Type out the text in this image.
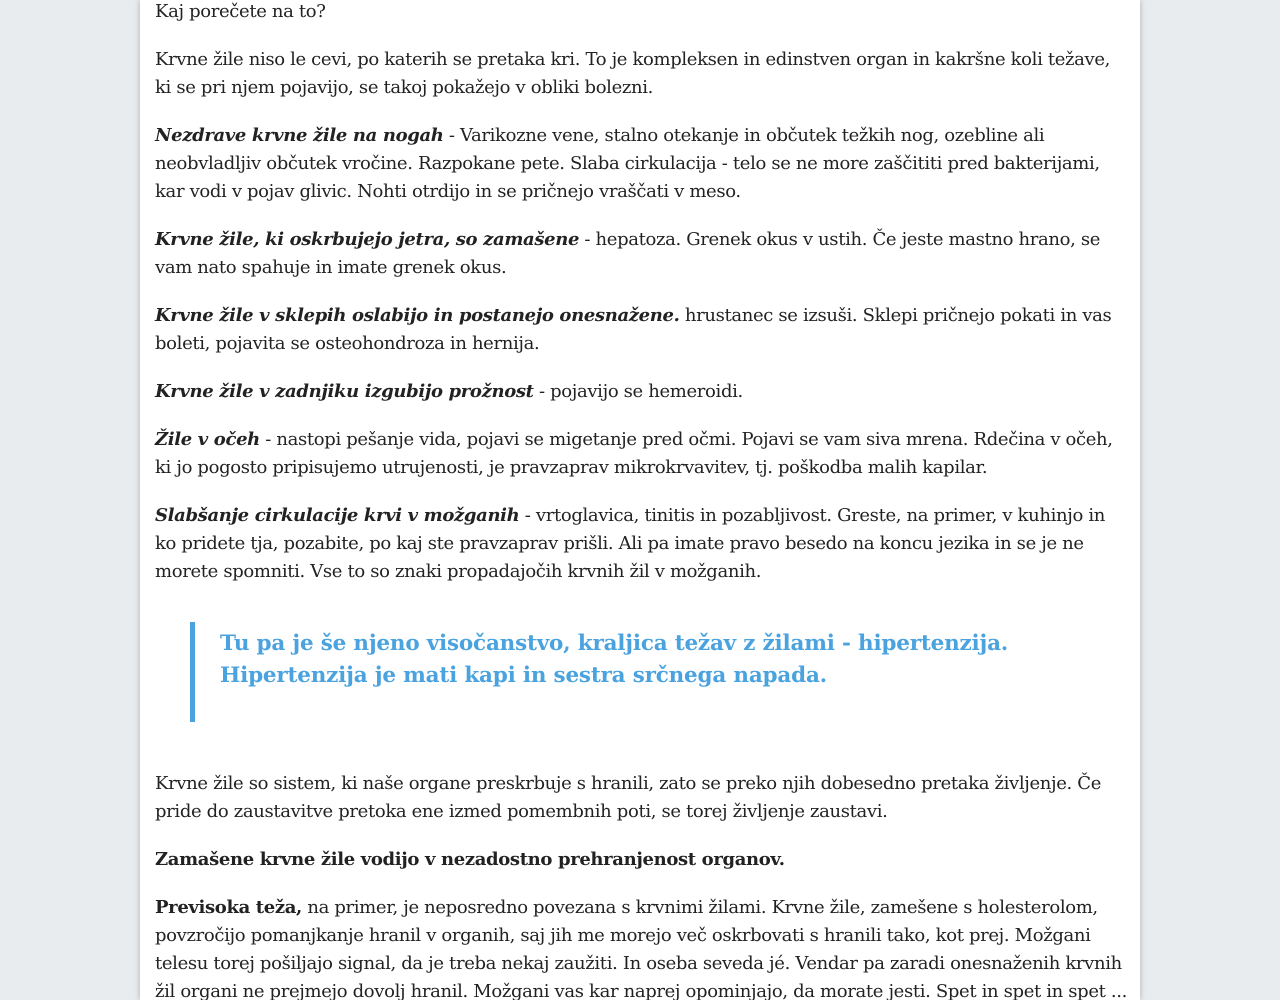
Kaj porečete na to?

Krvne žile niso le cevi, po katerih se pretaka kri. To je kompleksen in edinstven organ in kakršne koli težave, ki se pri njem pojavijo, se takoj pokažejo v obliki bolezni.

Nezdrave krvne žile na nogah - Varikozne vene, stalno otekanje in občutek težkih nog, ozebline ali neobvladljiv občutek vročine. Razpokane pete. Slaba cirkulacija - telo se ne more zaščititi pred bakterijami, kar vodi v pojav glivic. Nohti otrdijo in se pričnejo vraščati v meso.

Krvne žile, ki oskrbujejo jetra, so zamašene - hepatoza. Grenek okus v ustih. Če jeste mastno hrano, se vam nato spahuje in imate grenek okus.

Krvne žile v sklepih oslabijo in postanejo onesnažene. hrustanec se izsuši. Sklepi pričnejo pokati in vas boleti, pojavita se osteohondroza in hernija.

Krvne žile v zadnjiku izgubijo prožnost - pojavijo se hemeroidi.

Žile v očeh - nastopi pešanje vida, pojavi se migetanje pred očmi. Pojavi se vam siva mrena. Rdečina v očeh, ki jo pogosto pripisujemo utrujenosti, je pravzaprav mikrokrvavitev, tj. poškodba malih kapilar.

Slabšanje cirkulacije krvi v možganih - vrtoglavica, tinitis in pozabljivost. Greste, na primer, v kuhinjo in ko pridete tja, pozabite, po kaj ste pravzaprav prišli. Ali pa imate pravo besedo na koncu jezika in se je ne morete spomniti. Vse to so znaki propadajočih krvnih žil v možganih.

Tu pa je še njeno visočanstvo, kraljica težav z žilami - hipertenzija. Hipertenzija je mati kapi in sestra srčnega napada.

Krvne žile so sistem, ki naše organe preskrbuje s hranili, zato se preko njih dobesedno pretaka življenje. Če pride do zaustavitve pretoka ene izmed pomembnih poti, se torej življenje zaustavi.

Zamašene krvne žile vodijo v nezadostno prehranjenost organov.

Previsoka teža, na primer, je neposredno povezana s krvnimi žilami. Krvne žile, zamešene s holesterolom, povzročijo pomanjkanje hranil v organih, saj jih me morejo več oskrbovati s hranili tako, kot prej. Možgani telesu torej pošiljajo signal, da je treba nekaj zaužiti. In oseba seveda jé. Vendar pa zaradi onesnaženih krvnih žil organi ne prejmejo dovolj hranil. Možgani vas kar naprej opominjajo, da morate jesti. Spet in spet in spet ...
